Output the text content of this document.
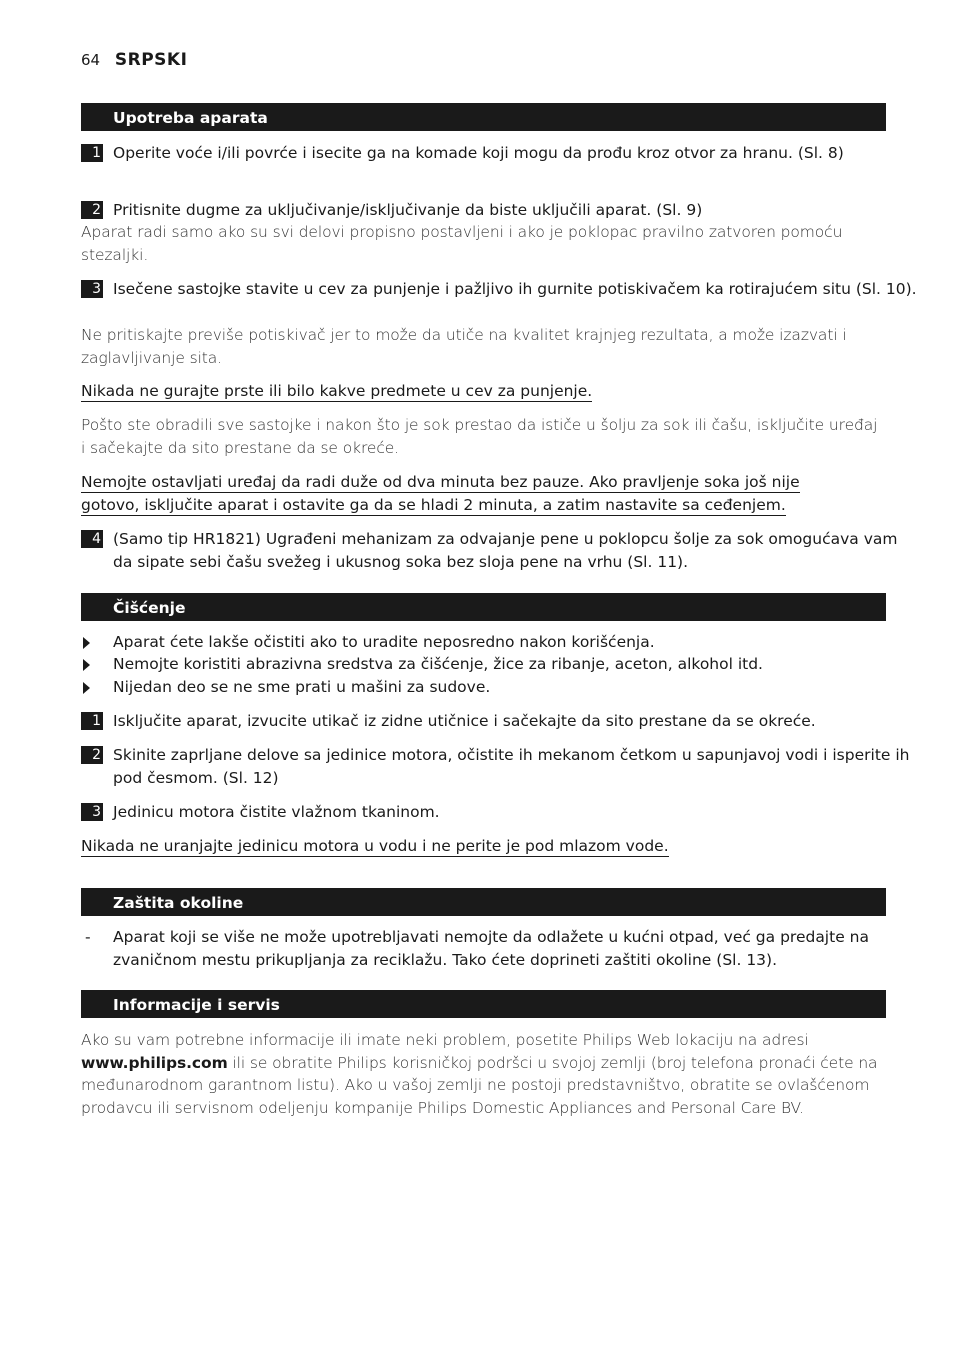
64 SRPSKI
Upotreba aparata
1 Operite voće i/ili povrće i isecite ga na komade koji mogu da prođu kroz otvor za hranu. (Sl. 8)
2 Pritisnite dugme za uključivanje/isključivanje da biste uključili aparat. (Sl. 9)
Aparat radi samo ako su svi delovi propisno postavljeni i ako je poklopac pravilno zatvoren pomoću stezaljki.
3 Isečene sastojke stavite u cev za punjenje i pažljivo ih gurnite potiskivačem ka rotirajućem situ (Sl. 10).
Ne pritiskajte previše potiskivač jer to može da utiče na kvalitet krajnjeg rezultata, a može izazvati i zaglavljivanje sita.
Nikada ne gurajte prste ili bilo kakve predmete u cev za punjenje.
Pošto ste obradili sve sastojke i nakon što je sok prestao da ističe u šolju za sok ili čašu, isključite uređaj i sačekajte da sito prestane da se okreće.
Nemojte ostavljati uređaj da radi duže od dva minuta bez pauze. Ako pravljenje soka još nije gotovo, isključite aparat i ostavite ga da se hladi 2 minuta, a zatim nastavite sa ceđenjem.
4 (Samo tip HR1821) Ugrađeni mehanizam za odvajanje pene u poklopcu šolje za sok omogućava vam da sipate sebi čašu svežeg i ukusnog soka bez sloja pene na vrhu (Sl. 11).
Čišćenje
Aparat ćete lakše očistiti ako to uradite neposredno nakon korišćenja.
Nemojte koristiti abrazivna sredstva za čišćenje, žice za ribanje, aceton, alkohol itd.
Nijedan deo se ne sme prati u mašini za sudove.
1 Isključite aparat, izvucite utikač iz zidne utičnice i sačekajte da sito prestane da se okreće.
2 Skinite zaprljane delove sa jedinice motora, očistite ih mekanom četkom u sapunjavoj vodi i isperite ih pod česmom. (Sl. 12)
3 Jedinicu motora čistite vlažnom tkaninom.
Nikada ne uranjajte jedinicu motora u vodu i ne perite je pod mlazom vode.
Zaštita okoline
- Aparat koji se više ne može upotrebljavati nemojte da odlažete u kućni otpad, već ga predajte na zvaničnom mestu prikupljanja za reciklažu. Tako ćete doprineti zaštiti okoline (Sl. 13).
Informacije i servis
Ako su vam potrebne informacije ili imate neki problem, posetite Philips Web lokaciju na adresi www.philips.com ili se obratite Philips korisničkoj podršci u svojoj zemlji (broj telefona pronaći ćete na međunarodnom garantnom listu). Ako u vašoj zemlji ne postoji predstavništvo, obratite se ovlašćenom prodavcu ili servisnom odeljenju kompanije Philips Domestic Appliances and Personal Care BV.
